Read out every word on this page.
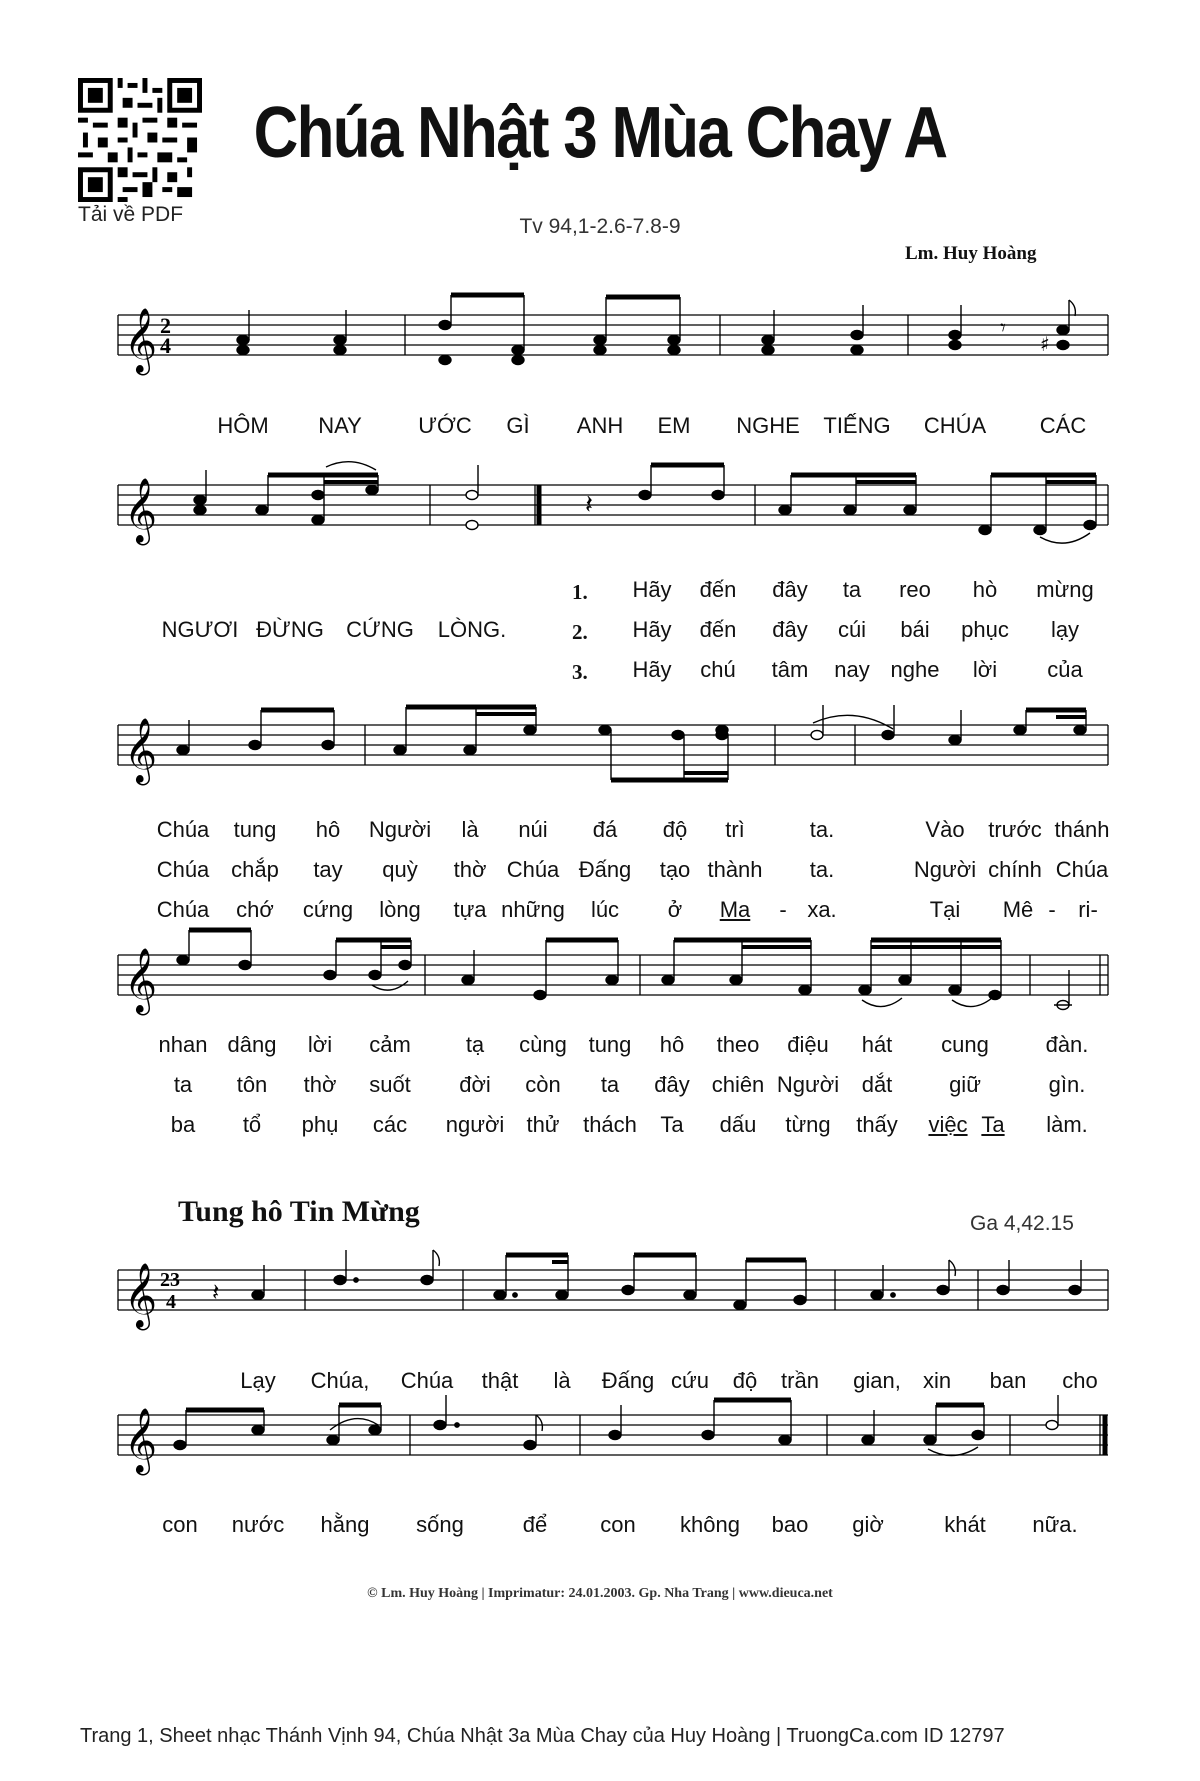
Tải về PDF
Chúa Nhật 3 Mùa Chay A
Tv 94,1-2.6-7.8-9
Lm. Huy Hoàng
𝄞 2
4
𝄾
♯
HÔM NAY	ƯỚC GÌ ANH EM NGHE TIẾNG CHÚA CÁC
𝄞	𝄽
1.
2.
3.
NGƯƠI ĐỪNG CỨNG LÒNG.
Hãy đến đây ta reo hò mừng
Hãy đến đây cúi bái phục lạy
Hãy chú tâm nay nghe lời của
𝄞
Chúa tung hô Người là núi đá độ trì	ta.	Vào trước thánh
Chúa chắp tay quỳ thờ Chúa Đấng tạo thành ta.	Người chính Chúa
Chúa chớ cứng lòng tựa những lúc ở Ma - xa.	Tại Mê - ri-
𝄞
nhan dâng lời cảm	tạ cùng tung hô theo điệu hát cung	đàn.
ta tôn thờ suốt đời còn ta đây chiên Người dắt	giữ	gìn.
ba tổ phụ các người thử thách Ta dấu từng thấy việc Ta làm.
Tung hô Tin Mừng	Ga 4,42.15
𝄞 23
4 𝄽
Lạy Chúa, Chúa thật là Đấng cứu độ trần gian, xin ban cho
𝄞
con nước hằng sống	để con không bao giờ	khát nữa.
© Lm. Huy Hoàng | Imprimatur: 24.01.2003. Gp. Nha Trang | www.dieuca.net
Trang 1, Sheet nhạc Thánh Vịnh 94, Chúa Nhật 3a Mùa Chay của Huy Hoàng | TruongCa.com ID 12797
